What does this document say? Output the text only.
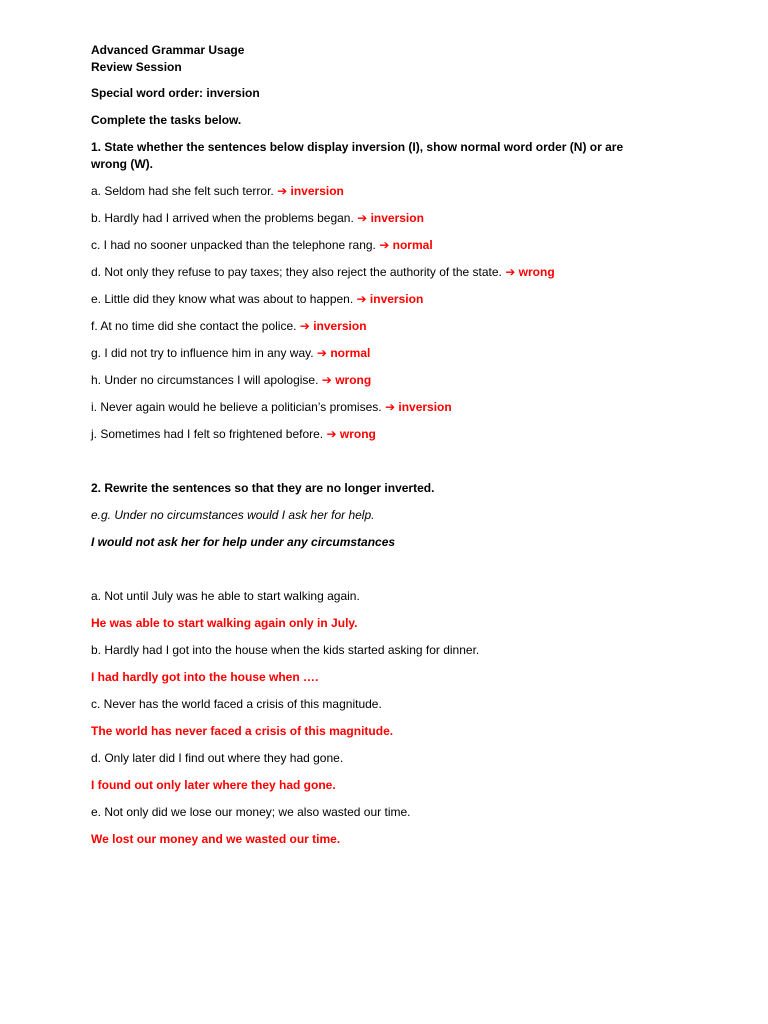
Advanced Grammar Usage

Review Session

Special word order: inversion

Complete the tasks below.

1. State whether the sentences below display inversion (I), show normal word order (N) or are wrong (W).

a. Seldom had she felt such terror. ➔ inversion

b. Hardly had I arrived when the problems began. ➔ inversion

c. I had no sooner unpacked than the telephone rang. ➔ normal

d. Not only they refuse to pay taxes; they also reject the authority of the state. ➔ wrong

e. Little did they know what was about to happen. ➔ inversion

f. At no time did she contact the police. ➔ inversion

g. I did not try to influence him in any way. ➔ normal

h. Under no circumstances I will apologise. ➔ wrong

i. Never again would he believe a politician’s promises. ➔ inversion

j. Sometimes had I felt so frightened before. ➔ wrong

2. Rewrite the sentences so that they are no longer inverted.

e.g. Under no circumstances would I ask her for help.

I would not ask her for help under any circumstances

a. Not until July was he able to start walking again.

He was able to start walking again only in July.

b. Hardly had I got into the house when the kids started asking for dinner.

I had hardly got into the house when ….

c. Never has the world faced a crisis of this magnitude.

The world has never faced a crisis of this magnitude.

d. Only later did I find out where they had gone.

I found out only later where they had gone.

e. Not only did we lose our money; we also wasted our time.

We lost our money and we wasted our time.
